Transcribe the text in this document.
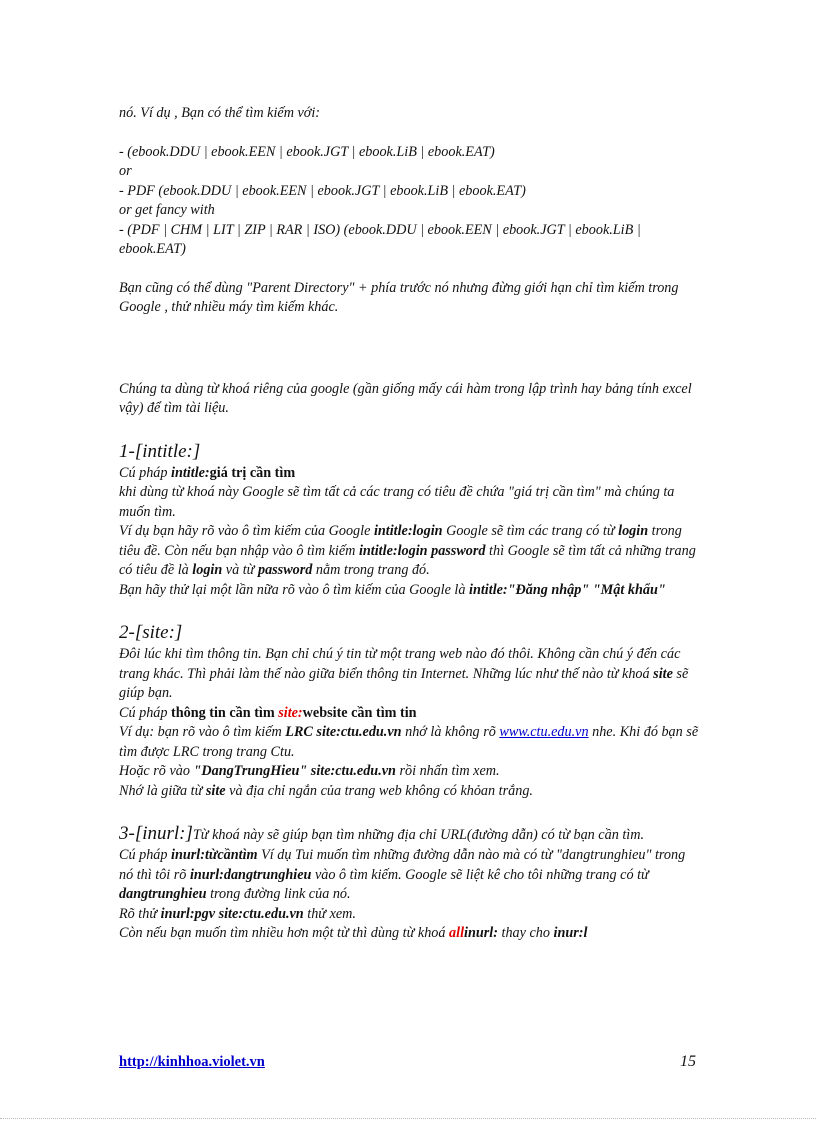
nó. Ví dụ , Bạn có thể tìm kiếm với:

- (ebook.DDU | ebook.EEN | ebook.JGT | ebook.LiB | ebook.EAT)

or

- PDF (ebook.DDU | ebook.EEN | ebook.JGT | ebook.LiB | ebook.EAT)

or get fancy with

- (PDF | CHM | LIT | ZIP | RAR | ISO) (ebook.DDU | ebook.EEN | ebook.JGT | ebook.LiB | ebook.EAT)

Bạn cũng có thể dùng "Parent Directory" + phía trước nó nhưng đừng giới hạn chỉ tìm kiếm trong Google , thử nhiều máy tìm kiếm khác.

Chúng ta dùng từ khoá riêng của google (gần giống mấy cái hàm trong lập trình hay bảng tính excel vậy) để tìm tài liệu.

1-[intitle:]

Cú pháp intitle:giá trị cần tìm

khi dùng từ khoá này Google sẽ tìm tất cả các trang có tiêu đề chứa "giá trị cần tìm" mà chúng ta muốn tìm.

Ví dụ bạn hãy rõ vào ô tìm kiếm của Google intitle:login Google sẽ tìm các trang có từ login trong tiêu đề. Còn nếu bạn nhập vào ô tìm kiếm intitle:login password thì Google sẽ tìm tất cả những trang có tiêu đề là login và từ password nằm trong trang đó.

Bạn hãy thử lại một lần nữa rõ vào ô tìm kiếm của Google là intitle:"Đăng nhập" "Mật khẩu"

2-[site:]

Đôi lúc khi tìm thông tin. Bạn chỉ chú ý tin từ một trang web nào đó thôi. Không cần chú ý đến các trang khác. Thì phải làm thế nào giữa biển thông tin Internet. Những lúc như thế nào từ khoá site sẽ giúp bạn.

Cú pháp thông tin cần tìm site:website cần tìm tin

Ví dụ: bạn rõ vào ô tìm kiếm LRC site:ctu.edu.vn nhớ là không rõ www.ctu.edu.vn nhe. Khi đó bạn sẽ tìm được LRC trong trang Ctu.

Hoặc rõ vào "DangTrungHieu" site:ctu.edu.vn rồi nhấn tìm xem.

Nhớ là giữa từ site và địa chỉ ngắn của trang web không có khỏan trắng.

3-[inurl:]Từ khoá này sẽ giúp bạn tìm những địa chỉ URL(đường dẫn) có từ bạn cần tìm.

Cú pháp inurl:từcầntìm Ví dụ Tui muốn tìm những đường dẫn nào mà có từ "dangtrunghieu" trong nó thì tôi rõ inurl:dangtrunghieu vào ô tìm kiếm. Google sẽ liệt kê cho tôi những trang có từ dangtrunghieu trong đường link của nó.

Rõ thử inurl:pgv site:ctu.edu.vn thử xem.

Còn nếu bạn muốn tìm nhiều hơn một từ thì dùng từ khoá allinurl: thay cho inur:l

http://kinhhoa.violet.vn	15
